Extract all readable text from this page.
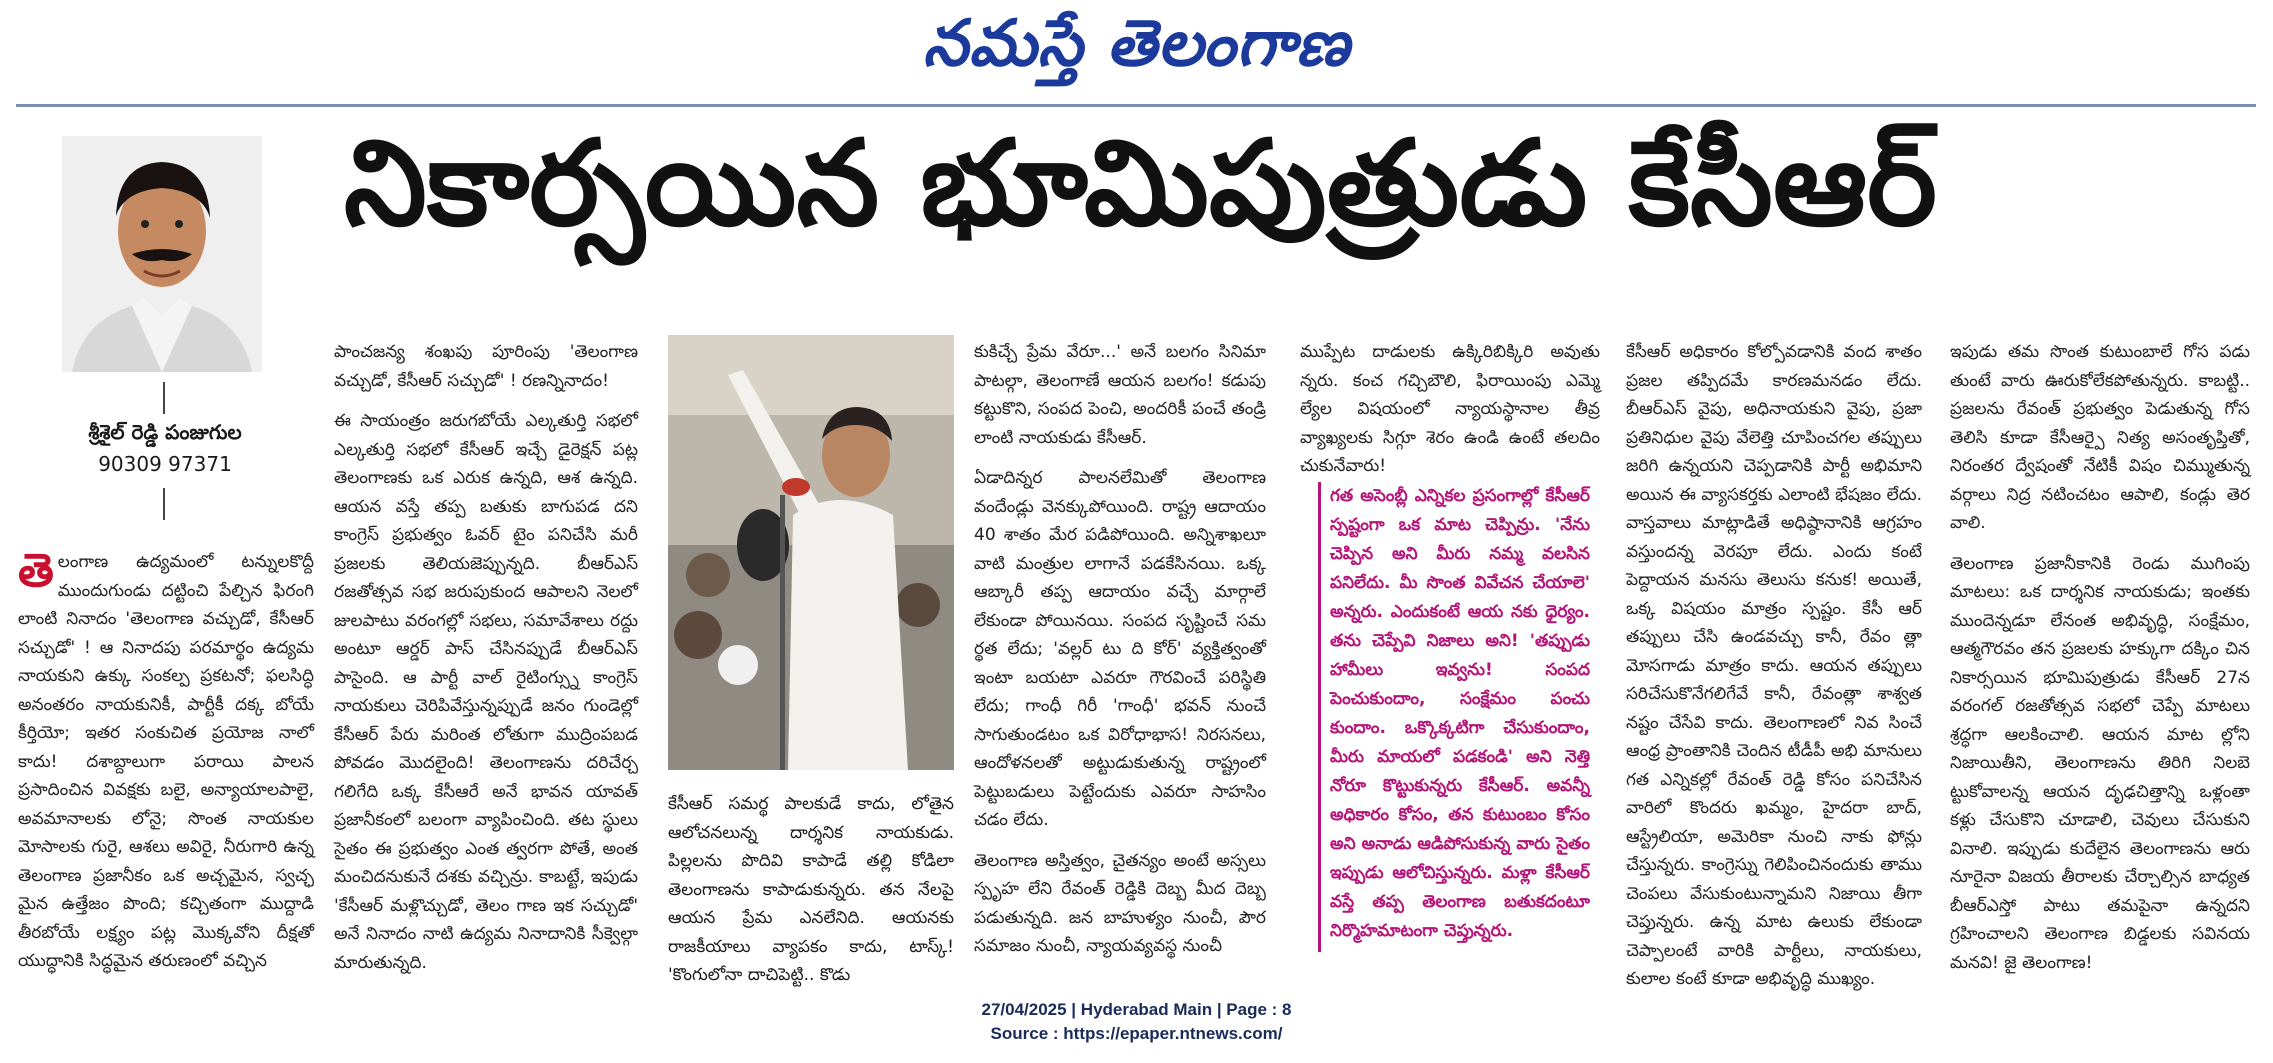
నమస్తే తెలంగాణ
శ్రీశైల్ రెడ్డి పంజుగుల
90309 97371
నికార్సయిన భూమిపుత్రుడు కేసీఆర్
తెలంగాణ ఉద్యమంలో టన్నులకొద్దీ ముందుగుండు దట్టించి పేల్చిన ఫిరంగి లాంటి నినాదం 'తెలంగాణ వచ్చుడో, కేసీఆర్ సచ్చుడో' ! ఆ నినాదపు పరమార్థం ఉద్యమ నాయకుని ఉక్కు సంకల్ప ప్రకటనో; ఫలసిద్ధి అనంతరం నాయకునికీ, పార్టీకీ దక్క బోయే కీర్తియో; ఇతర సంకుచిత ప్రయోజ నాలో కాదు! దశాబ్దాలుగా పరాయి పాలన ప్రసాదించిన వివక్షకు బలై, అన్యాయాలపాలై, అవమానాలకు లోనై; సొంత నాయకుల మోసాలకు గురై, ఆశలు అవిరై, నీరుగారి ఉన్న తెలంగాణ ప్రజానీకం ఒక అచ్చమైన, స్వచ్ఛ మైన ఉత్తేజం పొంది; కచ్చితంగా ముద్దాడి తీరబోయే లక్ష్యం పట్ల మొక్కవోని దీక్షతో యుద్ధానికి సిద్ధమైన తరుణంలో వచ్చిన

పాంచజన్య శంఖపు పూరింపు 'తెలంగాణ వచ్చుడో, కేసీఆర్ సచ్చుడో' ! రణన్నినాదం!

ఈ సాయంత్రం జరుగబోయే ఎల్కతుర్తి సభలో ఎల్కతుర్తి సభలో కేసీఆర్ ఇచ్చే డైరెక్షన్ పట్ల తెలంగాణకు ఒక ఎరుక ఉన్నది, ఆశ ఉన్నది. ఆయన వస్తే తప్ప బతుకు బాగుపడ దని కాంగ్రెస్ ప్రభుత్వం ఓవర్ టైం పనిచేసి మరీ ప్రజలకు తెలియజెప్పున్నది. బీఆర్ఎస్ రజతోత్సవ సభ జరుపుకుంద ఆపాలని నెలలో జులపాటు వరంగల్లో సభలు, సమావేశాలు రద్దు అంటూ ఆర్డర్ పాస్ చేసినప్పుడే బీఆర్ఎస్ పాసైంది. ఆ పార్టీ వాల్ రైటింగ్స్ను కాంగ్రెస్ నాయకులు చెరిపివేస్తున్నప్పుడే జనం గుండెల్లో కేసీఆర్ పేరు మరింత లోతుగా ముద్రింపబడ పోవడం మొదలైంది! తెలంగాణను దరిచేర్చ గలిగేది ఒక్క కేసీఆరే అనే భావన యావత్ ప్రజానీకంలో బలంగా వ్యాపించింది. తట స్థులు సైతం ఈ ప్రభుత్వం ఎంత త్వరగా పోతే, అంత మంచిదనుకునే దశకు వచ్చిన్రు. కాబట్టే, ఇపుడు 'కేసీఆర్ మళ్లొచ్చుడో, తెలం గాణ ఇక సచ్చుడో' అనే నినాదం నాటి ఉద్యమ నినాదానికి సీక్వెల్గా మారుతున్నది.

కేసీఆర్ సమర్థ పాలకుడే కాదు, లోతైన ఆలోచనలున్న దార్శనిక నాయకుడు. పిల్లలను పొదివి కాపాడే తల్లి కోడిలా తెలంగాణను కాపాడుకున్నరు. తన నేలపై ఆయన ప్రేమ ఎనలేనిది. ఆయనకు రాజకీయాలు వ్యాపకం కాదు, టాస్క్! 'కొంగులోనా దాచిపెట్టి.. కొడు

కుకిచ్చే ప్రేమ వేరూ...' అనే బలగం సినిమా పాటల్గా, తెలంగాణే ఆయన బలగం! కడుపు కట్టుకొని, సంపద పెంచి, అందరికీ పంచే తండ్రి లాంటి నాయకుడు కేసీఆర్.

ఏడాదిన్నర పాలనలేమితో తెలంగాణ వందేండ్లు వెనక్కుపోయింది. రాష్ట్ర ఆదాయం 40 శాతం మేర పడిపోయింది. అన్నిశాఖలూ వాటి మంత్రుల లాగానే పడకేసినయి. ఒక్క ఆబ్కారీ తప్ప ఆదాయం వచ్చే మార్గాలే లేకుండా పోయినయి. సంపద సృష్టించే సమ ర్థత లేదు; 'వల్లర్ టు ది కోర్' వ్యక్తిత్వంతో ఇంటా బయటా ఎవరూ గౌరవించే పరిస్థితి లేదు; గాంధీ గిరీ 'గాంధీ' భవన్ నుంచే సాగుతుండటం ఒక విరోధాభాస! నిరసనలు, ఆందోళనలతో అట్టుడుకుతున్న రాష్ట్రంలో పెట్టుబడులు పెట్టేందుకు ఎవరూ సాహసిం చడం లేదు.

తెలంగాణ అస్తిత్వం, చైతన్యం అంటే అస్సలు స్పృహ లేని రేవంత్ రెడ్డికి దెబ్బ మీద దెబ్బ పడుతున్నది. జన బాహుళ్యం నుంచీ, పౌర సమాజం నుంచీ, న్యాయవ్యవస్థ నుంచీ

ముప్పేట దాడులకు ఉక్కిరిబిక్కిరి అవుతు న్నరు. కంచ గచ్చిబౌలి, ఫిరాయింపు ఎమ్మె ల్యేల విషయంలో న్యాయస్థానాల తీవ్ర వ్యాఖ్యలకు సిగ్గూ శెరం ఉండి ఉంటే తలదిం చుకునేవారు!

గత అసెంబ్లీ ఎన్నికల ప్రసంగాల్లో కేసీఆర్ స్పష్టంగా ఒక మాట చెప్పిన్రు. 'నేను చెప్పిన అని మీరు నమ్మ వలసిన పనిలేదు. మీ సొంత వివేచన చేయాలె' అన్నరు. ఎందుకంటే ఆయ నకు ధైర్యం. తను చెప్పేవి నిజాలు అని! 'తప్పుడు హామీలు ఇవ్వను! సంపద పెంచుకుందాం, సంక్షేమం పంచు కుందాం. ఒక్కొక్కటిగా చేసుకుందాం, మీరు మాయలో పడకండి' అని నెత్తి నోరూ కొట్టుకున్నరు కేసీఆర్. అవన్నీ అధికారం కోసం, తన కుటుంబం కోసం అని అనాడు ఆడిపోసుకున్న వారు సైతం ఇప్పుడు ఆలోచిస్తున్నరు. మళ్లా కేసీఆర్ వస్తే తప్ప తెలంగాణ బతుకదంటూ నిర్మొహమాటంగా చెప్తున్నరు.

కేసీఆర్ అధికారం కోల్పోవడానికి వంద శాతం ప్రజల తప్పిదమే కారణమనడం లేదు. బీఆర్ఎస్ వైపు, అధినాయకుని వైపు, ప్రజా ప్రతినిధుల వైపు వేలెత్తి చూపించగల తప్పులు జరిగి ఉన్నయని చెప్పడానికి పార్టీ అభిమాని అయిన ఈ వ్యాసకర్తకు ఎలాంటి భేషజం లేదు. వాస్తవాలు మాట్లాడితే అధిష్ఠానానికి ఆగ్రహం వస్తుందన్న వెరపూ లేదు. ఎందు కంటే పెద్దాయన మనసు తెలుసు కనుక! అయితే, ఒక్క విషయం మాత్రం స్పష్టం. కేసీ ఆర్ తప్పులు చేసి ఉండవచ్చు కానీ, రేవం త్లా మోసగాడు మాత్రం కాదు. ఆయన తప్పులు సరిచేసుకొనేగలిగేవే కానీ, రేవంత్లా శాశ్వత నష్టం చేసేవి కాదు. తెలంగాణలో నివ సించే ఆంధ్ర ప్రాంతానికి చెందిన టీడీపీ అభి మానులు గత ఎన్నికల్లో రేవంత్ రెడ్డి కోసం పనిచేసిన వారిలో కొందరు ఖమ్మం, హైదరా బాద్, ఆస్ట్రేలియా, అమెరికా నుంచి నాకు ఫోన్లు చేస్తున్నరు. కాంగ్రెస్ను గెలిపించినందుకు తాము చెంపలు వేసుకుంటున్నామని నిజాయి తీగా చెప్తున్నరు. ఉన్న మాట ఉలుకు లేకుండా చెప్పాలంటే వారికి పార్టీలు, నాయకులు, కులాల కంటే కూడా అభివృద్ధి ముఖ్యం.

ఇపుడు తమ సొంత కుటుంబాలే గోస పడు తుంటే వారు ఊరుకోలేకపోతున్నరు. కాబట్టి.. ప్రజలను రేవంత్ ప్రభుత్వం పెడుతున్న గోస తెలిసి కూడా కేసీఆర్పై నిత్య అసంతృప్తితో, నిరంతర ద్వేషంతో నేటికీ విషం చిమ్ముతున్న వర్గాలు నిద్ర నటించటం ఆపాలి, కండ్లు తెర వాలి.

తెలంగాణ ప్రజానీకానికి రెండు ముగింపు మాటలు: ఒక దార్శనిక నాయకుడు; ఇంతకు ముందెన్నడూ లేనంత అభివృద్ధి, సంక్షేమం, ఆత్మగౌరవం తన ప్రజలకు హక్కుగా దక్కిం చిన నికార్సయిన భూమిపుత్రుడు కేసీఆర్ 27న వరంగల్ రజతోత్సవ సభలో చెప్పే మాటలు శ్రద్ధగా ఆలకించాలి. ఆయన మాట ల్లోని నిజాయితీని, తెలంగాణను తిరిగి నిలబె ట్టుకోవాలన్న ఆయన దృఢచిత్తాన్ని ఒళ్లంతా కళ్లు చేసుకొని చూడాలి, చెవులు చేసుకుని వినాలి. ఇప్పుడు కుదేలైన తెలంగాణను ఆరు నూరైనా విజయ తీరాలకు చేర్చాల్సిన బాధ్యత బీఆర్ఎస్తో పాటు తమపైనా ఉన్నదని గ్రహించాలని తెలంగాణ బిడ్డలకు సవినయ మనవి! జై తెలంగాణ!

27/04/2025 | Hyderabad Main | Page : 8
Source : https://epaper.ntnews.com/
